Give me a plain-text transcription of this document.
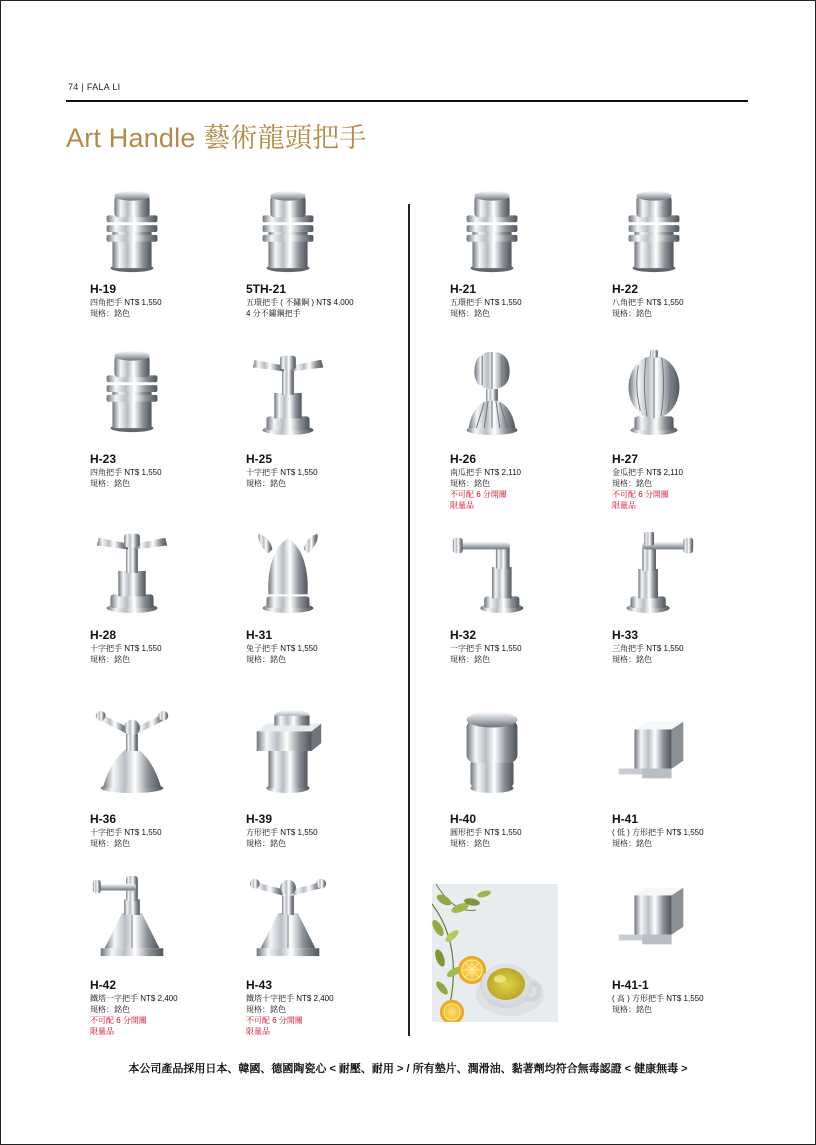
74 | FALA LI
Art Handle 藝術龍頭把手
H-19
四角把手 NT$ 1,550
規格：銘色
5TH-21
五環把手 ( 不鏽鋼 ) NT$ 4,000
4 分不鏽鋼把手
H-21
五環把手 NT$ 1,550
規格：銘色
H-22
八角把手 NT$ 1,550
規格：銘色
H-23
四角把手 NT$ 1,550
規格：銘色
H-25
十字把手 NT$ 1,550
規格：銘色
H-26
南瓜把手 NT$ 2,110
規格：銘色
不可配 6 分開關
限量品
H-27
金瓜把手 NT$ 2,110
規格：銘色
不可配 6 分開關
限量品
H-28
十字把手 NT$ 1,550
規格：銘色
H-31
兔子把手 NT$ 1,550
規格：銘色
H-32
一字把手 NT$ 1,550
規格：銘色
H-33
三角把手 NT$ 1,550
規格：銘色
H-36
十字把手 NT$ 1,550
規格：銘色
H-39
方形把手 NT$ 1,550
規格：銘色
H-40
圓形把手 NT$ 1,550
規格：銘色
H-41
( 低 ) 方形把手 NT$ 1,550
規格：銘色
H-42
鐵塔一字把手 NT$ 2,400
規格：銘色
不可配 6 分開關
限量品
H-43
鐵塔十字把手 NT$ 2,400
規格：銘色
不可配 6 分開關
限量品
H-41-1
( 高 ) 方形把手 NT$ 1,550
規格：銘色
本公司產品採用日本、韓國、德國陶瓷心 < 耐壓、耐用 > / 所有墊片、潤滑油、黏著劑均符合無毒認證 < 健康無毒 >
